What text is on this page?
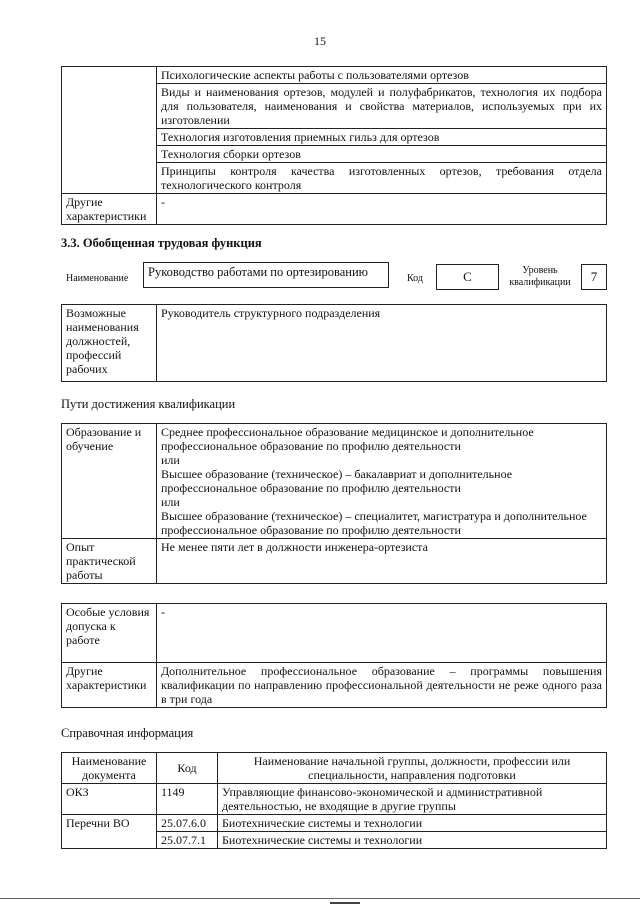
15
	Психологические аспекты работы с пользователями ортезов
	Виды и наименования ортезов, модулей и полуфабрикатов, технология их подбора для пользователя, наименования и свойства материалов, используемых при их изготовлении
	Технология изготовления приемных гильз для ортезов
	Технология сборки ортезов
	Принципы контроля качества изготовленных ортезов, требования отдела технологического контроля
Другие характеристики	-
3.3. Обобщенная трудовая функция
Наименование	Руководство работами по ортезированию	Код	C	Уровень квалификации	7
Возможные наименования должностей, профессий рабочих	Руководитель структурного подразделения
Пути достижения квалификации
Образование и обучение	Среднее профессиональное образование медицинское и дополнительное профессиональное образование по профилю деятельности
или
Высшее образование (техническое) – бакалавриат и дополнительное профессиональное образование по профилю деятельности
или
Высшее образование (техническое) – специалитет, магистратура и дополнительное профессиональное образование по профилю деятельности

Опыт практической работы	Не менее пяти лет в должности инженера-ортезиста
Особые условия допуска к работе	-
Другие характеристики	Дополнительное профессиональное образование – программы повышения квалификации по направлению профессиональной деятельности не реже одного раза в три года
Справочная информация
Наименование документа	Код	Наименование начальной группы, должности, профессии или специальности, направления подготовки
ОКЗ	1149	Управляющие финансово-экономической и административной деятельностью, не входящие в другие группы
Перечни ВО	25.07.6.0	Биотехнические системы и технологии
	25.07.7.1	Биотехнические системы и технологии
